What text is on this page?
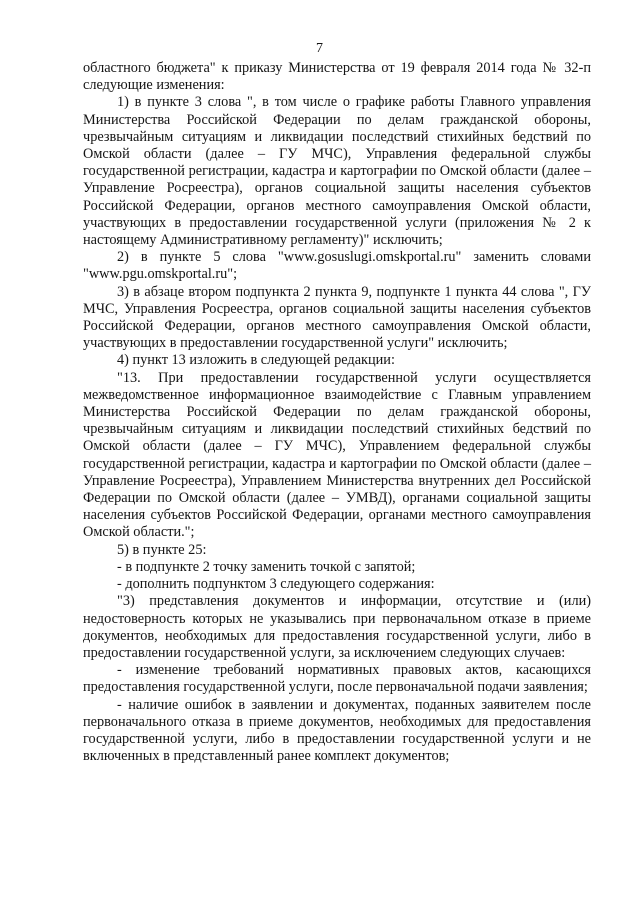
7

областного бюджета" к приказу Министерства от 19 февраля 2014 года № 32-п следующие изменения:

1) в пункте 3 слова ", в том числе о графике работы Главного управления Министерства Российской Федерации по делам гражданской обороны, чрезвычайным ситуациям и ликвидации последствий стихийных бедствий по Омской области (далее – ГУ МЧС), Управления федеральной службы государственной регистрации, кадастра и картографии по Омской области (далее – Управление Росреестра), органов социальной защиты населения субъектов Российской Федерации, органов местного самоуправления Омской области, участвующих в предоставлении государственной услуги (приложения № 2 к настоящему Административному регламенту)" исключить;

2) в пункте 5 слова "www.gosuslugi.omskportal.ru" заменить словами "www.pgu.omskportal.ru";

3) в абзаце втором подпункта 2 пункта 9, подпункте 1 пункта 44 слова ", ГУ МЧС, Управления Росреестра, органов социальной защиты населения субъектов Российской Федерации, органов местного самоуправления Омской области, участвующих в предоставлении государственной услуги" исключить;

4) пункт 13 изложить в следующей редакции:

"13. При предоставлении государственной услуги осуществляется межведомственное информационное взаимодействие с Главным управлением Министерства Российской Федерации по делам гражданской обороны, чрезвычайным ситуациям и ликвидации последствий стихийных бедствий по Омской области (далее – ГУ МЧС), Управлением федеральной службы государственной регистрации, кадастра и картографии по Омской области (далее – Управление Росреестра), Управлением Министерства внутренних дел Российской Федерации по Омской области (далее – УМВД), органами социальной защиты населения субъектов Российской Федерации, органами местного самоуправления Омской области.";

5) в пункте 25:

- в подпункте 2 точку заменить точкой с запятой;

- дополнить подпунктом 3 следующего содержания:

"3) представления документов и информации, отсутствие и (или) недостоверность которых не указывались при первоначальном отказе в приеме документов, необходимых для предоставления государственной услуги, либо в предоставлении государственной услуги, за исключением следующих случаев:

- изменение требований нормативных правовых актов, касающихся предоставления государственной услуги, после первоначальной подачи заявления;

- наличие ошибок в заявлении и документах, поданных заявителем после первоначального отказа в приеме документов, необходимых для предоставления государственной услуги, либо в предоставлении государственной услуги и не включенных в представленный ранее комплект документов;
